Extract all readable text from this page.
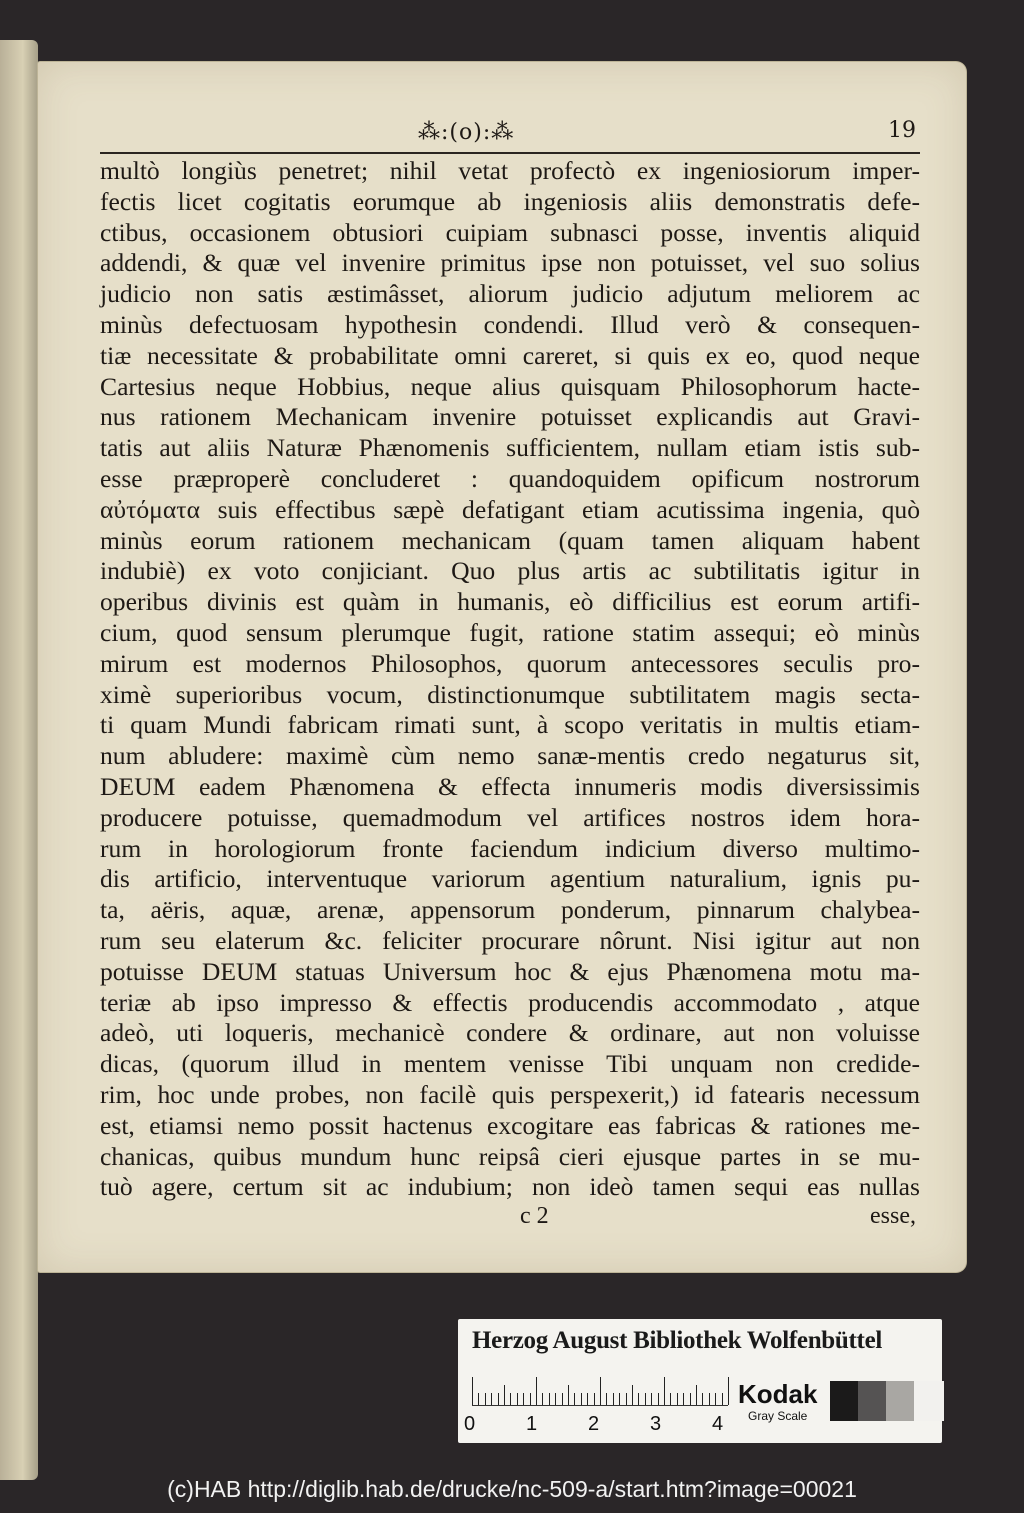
⁂:(o):⁂	19
multò longiùs penetret; nihil vetat profectò ex ingeniosiorum imper-
fectis licet cogitatis eorumque ab ingeniosis aliis demonstratis defe-
ctibus, occasionem obtusiori cuipiam subnasci posse, inventis aliquid
addendi, & quæ vel invenire primitus ipse non potuisset, vel suo solius
judicio non satis æstimâsset, aliorum judicio adjutum meliorem ac
minùs defectuosam hypothesin condendi. Illud verò & consequen-
tiæ necessitate & probabilitate omni careret, si quis ex eo, quod neque
Cartesius neque Hobbius, neque alius quisquam Philosophorum hacte-
nus rationem Mechanicam invenire potuisset explicandis aut Gravi-
tatis aut aliis Naturæ Phænomenis sufficientem, nullam etiam istis sub-
esse præproperè concluderet : quandoquidem opificum nostrorum
αὐτόματα suis effectibus sæpè defatigant etiam acutissima ingenia, quò
minùs eorum rationem mechanicam (quam tamen aliquam habent
indubiè) ex voto conjiciant. Quo plus artis ac subtilitatis igitur in
operibus divinis est quàm in humanis, eò difficilius est eorum artifi-
cium, quod sensum plerumque fugit, ratione statim assequi; eò minùs
mirum est modernos Philosophos, quorum antecessores seculis pro-
ximè superioribus vocum, distinctionumque subtilitatem magis secta-
ti quam Mundi fabricam rimati sunt, à scopo veritatis in multis etiam-
num abludere: maximè cùm nemo sanæ-mentis credo negaturus sit,
DEUM eadem Phænomena & effecta innumeris modis diversissimis
producere potuisse, quemadmodum vel artifices nostros idem hora-
rum in horologiorum fronte faciendum indicium diverso multimo-
dis artificio, interventuque variorum agentium naturalium, ignis pu-
ta, aëris, aquæ, arenæ, appensorum ponderum, pinnarum chalybea-
rum seu elaterum &c. feliciter procurare nôrunt. Nisi igitur aut non
potuisse DEUM statuas Universum hoc & ejus Phænomena motu ma-
teriæ ab ipso impresso & effectis producendis accommodato , atque
adeò, uti loqueris, mechanicè condere & ordinare, aut non voluisse
dicas, (quorum illud in mentem venisse Tibi unquam non credide-
rim, hoc unde probes, non facilè quis perspexerit,) id fatearis necessum
est, etiamsi nemo possit hactenus excogitare eas fabricas & rationes me-
chanicas, quibus mundum hunc reipsâ cieri ejusque partes in se mu-
tuò agere, certum sit ac indubium; non ideò tamen sequi eas nullas
c 2	esse,
Herzog August Bibliothek Wolfenbüttel
0	1	2	3	4
Kodak
Gray Scale
(c)HAB http://diglib.hab.de/drucke/nc-509-a/start.htm?image=00021
